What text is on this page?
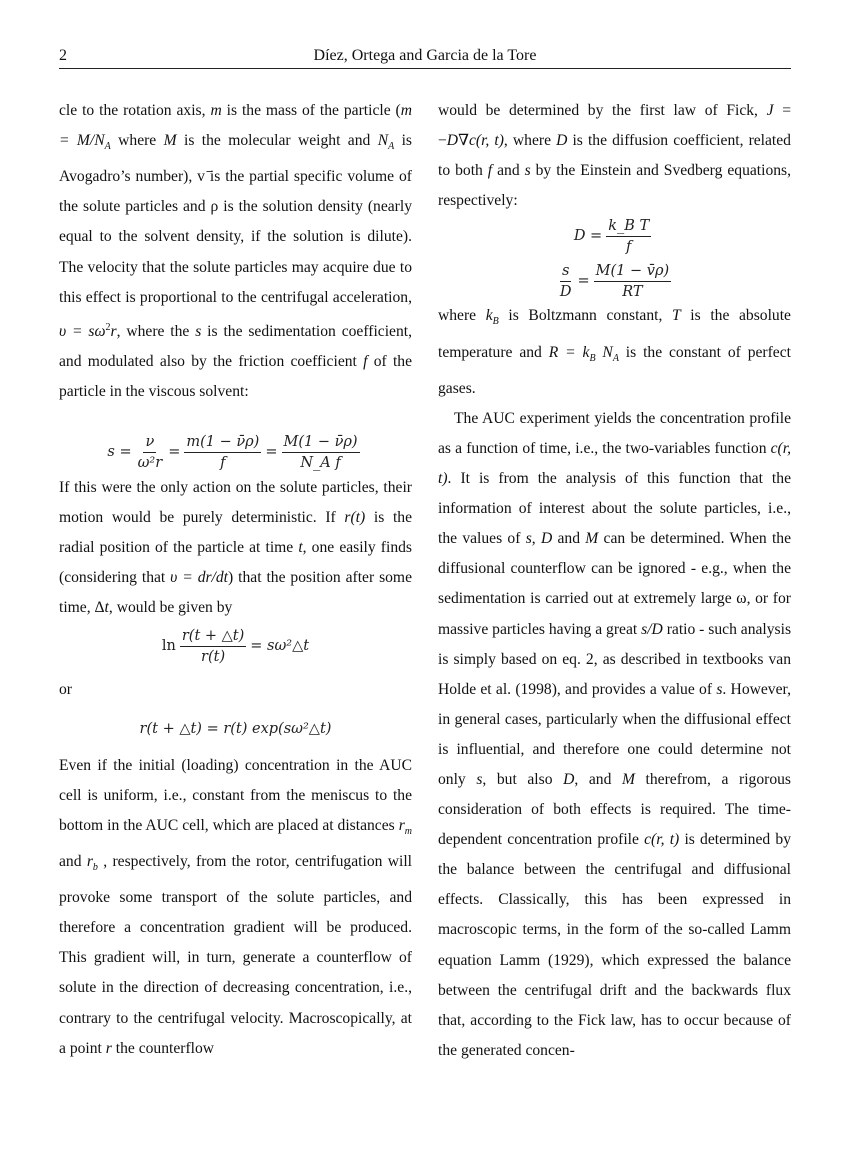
2	Díez, Ortega and Garcia de la Tore

cle to the rotation axis, m is the mass of the particle ($m = M/N_A$ where M is the molecular weight and $N_A$ is Avogadro’s number), v ̄is the partial specific volume of the solute particles and ρ is the solution density (nearly equal to the solvent density, if the solution is dilute). The velocity that the solute particles may acquire due to this effect is proportional to the centrifugal acceleration, $\upsilon = s\omega^2r$, where the s is the sedimentation coefficient, and modulated also by the friction coefficient f of the particle in the viscous solvent:

$s = \frac{\nu}{\text{ω²r}} = \frac{m(1 - \nū\rho)}{f} = \frac{M(1 - \nū\rho)}{\text{N\_A f}}$

If this were the only action on the solute particles, their motion would be purely deterministic. If r(t) is the radial position of the particle at time t, one easily finds (considering that υ = dr/dt) that the position after some time, Δt, would be given by

$\ln \frac{r(t + \triangle t)}{r(t)}$ = sω²△t

or

r(t + △t) = r(t) exp(sω²△t)

Even if the initial (loading) concentration in the AUC cell is uniform, i.e., constant from the meniscus to the bottom in the AUC cell, which are placed at distances $r_m$ and $r_b$ , respectively, from the rotor, centrifugation will provoke some transport of the solute particles, and therefore a concentration gradient will be produced. This gradient will, in turn, generate a counterflow of solute in the direction of decreasing concentration, i.e., contrary to the centrifugal velocity. Macroscopically, at a point r the counterflow

would be determined by the first law of Fick, J = −D∇c(r, t), where D is the diffusion coefficient, related to both f and s by the Einstein and Svedberg equations, respectively:

$D = \frac{\text{k\_B T}}{f}$
$\frac{s}{D} = \frac{M(1 - v̄\rho)}{RT}$

where $k_B$ is Boltzmann constant, T is the absolute temperature and $R = k_B$ $N_A$ is the constant of perfect gases.

The AUC experiment yields the concentration profile as a function of time, i.e., the two-variables function c(r, t). It is from the analysis of this function that the information of interest about the solute particles, i.e., the values of s, D and M can be determined. When the diffusional counterflow can be ignored - e.g., when the sedimentation is carried out at extremely large ω, or for massive particles having a great s/D ratio - such analysis is simply based on eq. 2, as described in textbooks van Holde et al. (1998), and provides a value of s. However, in general cases, particularly when the diffusional effect is influential, and therefore one could determine not only s, but also D, and M therefrom, a rigorous consideration of both effects is required. The time-dependent concentration profile c(r, t) is determined by the balance between the centrifugal and diffusional effects. Classically, this has been expressed in macroscopic terms, in the form of the so-called Lamm equation Lamm (1929), which expressed the balance between the centrifugal drift and the backwards flux that, according to the Fick law, has to occur because of the generated concen-
